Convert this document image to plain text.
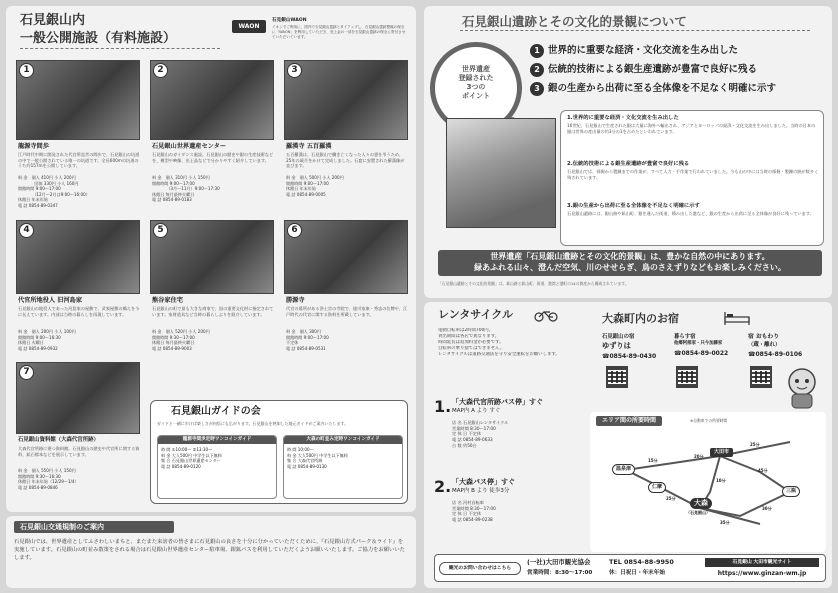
石見銀山内
一般公開施設（有料施設）
WAON
石見銀山WAON
イオンでご利用に、国内で石見銀山遺跡とタイアップし、石見銀山遺跡整備の保全に「WAON」を利用していただき、売上金の一部を石見銀山遺跡の保全に寄付させていただいています。
1
龍源寺間歩
江戸時代中期に開発された代官所直営の間歩で、石見銀山の坑道の中で一般公開されている唯一の坑道です。全長600mの坑道のうち約157mを公開しています。
料 金　個人 410円 小人 200円
　　　　団体 330円 小人 160円
開館時間 9:00〜17:00
　　　　（12月〜2月は9:00〜16:00）
休館日 年末年始
電 話 0854-89-0347
2
石見銀山世界遺産センター
石見銀山のガイダンス施設。石見銀山の歴史や銀の生産技術などを、模型や映像、出土品などで分かりやすく紹介しています。
料 金　個人 310円 小人 150円
開館時間 9:00〜17:00
　　　　（3月〜11月）9:00〜17:30
休館日 毎月最終火曜日
電 話 0854-89-0183
3
羅漢寺 五百羅漢
五百羅漢は、石見銀山で働き亡くなった人々の霊を弔うため、25年の歳月をかけて完成しました。石窟に安置された羅漢像が並びます。
料 金　個人 500円 小人 200円
開館時間 9:00〜17:00
休館日 年末年始
電 話 0854-89-0005
4
代官所地役人 旧河島家
石見銀山の地役人であった河島家の屋敷で、武家屋敷の構えを今に伝えています。内部は当時の暮らしを再現しています。
料 金　個人 200円 小人 100円
開館時間 9:00〜16:30
休館日 火曜日
電 話 0854-89-0932
5
熊谷家住宅
石見銀山の町で最も大きな商家で、国の重要文化財に指定されています。家財道具など当時の暮らしぶりを紹介しています。
料 金　個人 520円 小人 200円
開館時間 9:30〜17:00
休館日 毎月最終火曜日
電 話 0854-89-9003
6
勝源寺
代官の墓所がある浄土宗の寺院で、徳川家康・秀忠の位牌や、江戸時代の代官に関する資料を所蔵しています。
料 金　個人 300円
開館時間 9:00〜17:00
不定休
電 話 0854-89-0531
7
石見銀山資料館（大森代官所跡）
大森代官所跡に建つ資料館。石見銀山の歴史や代官所に関する資料、鉱石標本などを展示しています。
料 金　個人 550円 小人 150円
開館時間 9:30〜16:30
休館日 年末年始（12/29〜1/4）
電 話 0854-89-0846
石見銀山ガイドの会
ガイドと一緒に歩けば楽しさが何倍にも広がります。石見銀山を熟知した地元ガイドがご案内いたします。
龍源寺間歩定時ワンコインガイド
時 間 ①10:00〜 ②13:30〜
料 金 大人500円 中学生以下無料
集 合 石見銀山世界遺産センター
電 話 0854-89-0120
大森の町並み定時ワンコインガイド
時 間 10:00〜
料 金 大人500円 中学生以下無料
集 合 大森代官所跡
電 話 0854-89-0130
石見銀山交通規制のご案内
石見銀山では、世界遺産としてふさわしいまちと、またまた来訪者の皆さまに石見銀山の良さを十分に分かっていただくために、『石見銀山方式パーク＆ライド』を実施しています。石見銀山の町並み散策をされる場合は石見銀山世界遺産センター駐車場、銀鉱バスを利用していただくようお願いいたします。ご協力をお願いいたします。
石見銀山遺跡とその文化的景観について
世界遺産
登録された
3つの
ポイント
1 世界的に重要な経済・文化交流を生み出した
2 伝統的技術による銀生産遺跡が豊富で良好に残る
3 銀の生産から出荷に至る全体像を不足なく明確に示す
1.世界的に重要な経済・文化交流を生み出した
16世紀、石見銀山で生産された銀は大量に海外へ輸出され、アジアとヨーロッパの経済・文化交流を生み出しました。当時の日本の銀は世界の産出量の約3分の1を占めたといわれています。
2.伝統的技術による銀生産遺跡が豊富で良好に残る
石見銀山では、採掘から製錬までの作業が、すべて人力・手作業で行われていました。今も山の中には当時の採掘・製錬の跡が数多く残されています。
3.銀の生産から出荷に至る全体像を不足なく明確に示す
石見銀山遺跡には、銀山跡や鉱山町、銀を運んだ街道、積み出した港など、銀の生産から出荷に至る全体像が良好に残っています。
世界遺産「石見銀山遺跡とその文化的景観」は、豊かな自然の中にあります。
緑あふれる山々、澄んだ空気、川のせせらぎ、鳥のさえずりなどもお楽しみください。
「石見銀山遺跡とその文化的景観」は、鉱山跡と鉱山町、街道、港湾と港町の14の資産から構成されています。
レンタサイクル
電動自転車は2時間700円。
貸出期間は各店で異なります。
時間延長は追加料金が必要です。
自転車の乗り捨てはできません。
レンタサイクルは道路交通法を守り安全運転をお願いします。
1. 「大森代官所跡バス停」すぐ
MAP内 A より すぐ
店 名 石見銀山レンタサイクル
営業時間 8:30〜17:00
定 休 日 不定休
電 話 0854-89-0633
台 数 約50台
2. 「大森バス停」すぐ
MAP内 B より 徒歩3分
店 名 河村自転車
営業時間 8:30〜17:00
定 休 日 不定休
電 話 0854-89-0238
大森町内のお宿
石見銀山の宿
ゆずりは
☎0854-89-0430
暮らす宿
他郷阿部家・只今加藤家
☎0854-89-0022
宿 おもわり
（蔵・離れ）
☎0854-89-0106
エリア間の所要時間	※自動車での所要時間
大田市
大森
（石見銀山）
温泉津
仁摩
三瓶
15分
20分
25分
35分
45分
30分
10分
25分
観光のお問い合わせはこちら
(一社)大田市観光協会	TEL 0854-88-9950
営業時間：8:30〜17:00	休：日祝日・年末年始
石見銀山 大田市観光サイト
https://www.ginzan-wm.jp
